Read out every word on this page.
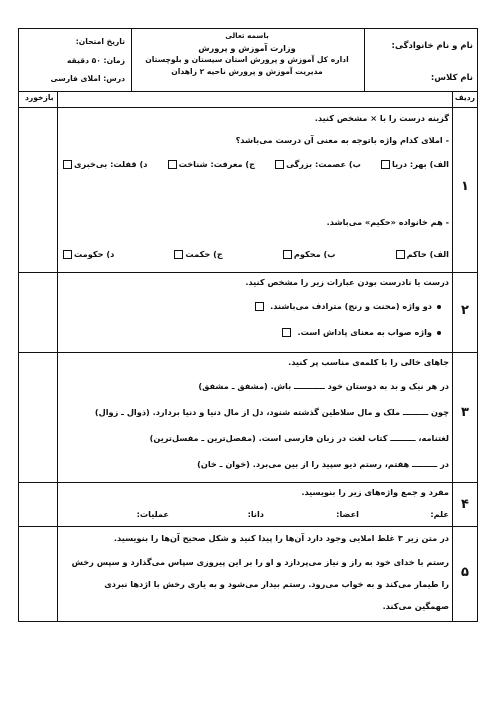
نام و نام خانوادگی:
نام کلاس:
باسمه تعالی
وزارت آموزش و پرورش
اداره کل آموزش و پرورش استان سیستان و بلوچستان
مدیریت آموزش و پرورش ناحیه ۲ زاهدان
تاریخ امتحان:
زمان: ۵۰ دقیقه
درس: املای فارسی
ردیف
بازخورد
۱
گزینه درست را با × مشخص کنید.
- املای کدام واژه باتوجه به معنی آن درست می‌باشد؟
الف) بهر: دریا
ب) عصمت: بزرگی
ج) معرفت: شناخت
د) قفلت: بی‌خبری
- هم خانواده «حکیم» می‌باشد.
الف) حاکم
ب) محکوم
ج) حکمت
د) حکومت
۲
درست یا نادرست بودن عبارات زیر را مشخص کنید.
دو واژه (محنت و رنج) مترادف می‌باشند.
واژه صواب به معنای پاداش است.
۳
جاهای خالی را با کلمه‌ی مناسب پر کنید.
در هر نیک و بد به دوستان خود ـــــــــــ باش. (مشفق ـ مشفق)
چون ـــــــــ ملک و مال سلاطین گذشته شنود، دل از مال دنیا و دنیا بردارد. (ذوال ـ زوال)
لغتنامه، ـــــــــ کتاب لغت در زبان فارسی است. (مفصل‌ترین ـ مفسل‌ترین)
در ـــــــــ هفتم، رستم دیو سپید را از بین می‌برد. (خوان ـ خان)
۴
مفرد و جمع واژه‌های زیر را بنویسید.
علم:
اعضا:
دانا:
عملیات:
۵
در متن زیر ۳ غلط املایی وجود دارد آن‌ها را پیدا کنید و شکل صحیح آن‌ها را بنویسید.
رستم با خدای خود به راز و نیاز می‌پردازد و او را بر این پیروزی سپاس می‌گذارد و سپس رخش
را طیمار می‌کند و به خواب می‌رود. رستم بیدار می‌شود و به یاری رخش با اژدها نبردی
صهمگین می‌کند.
